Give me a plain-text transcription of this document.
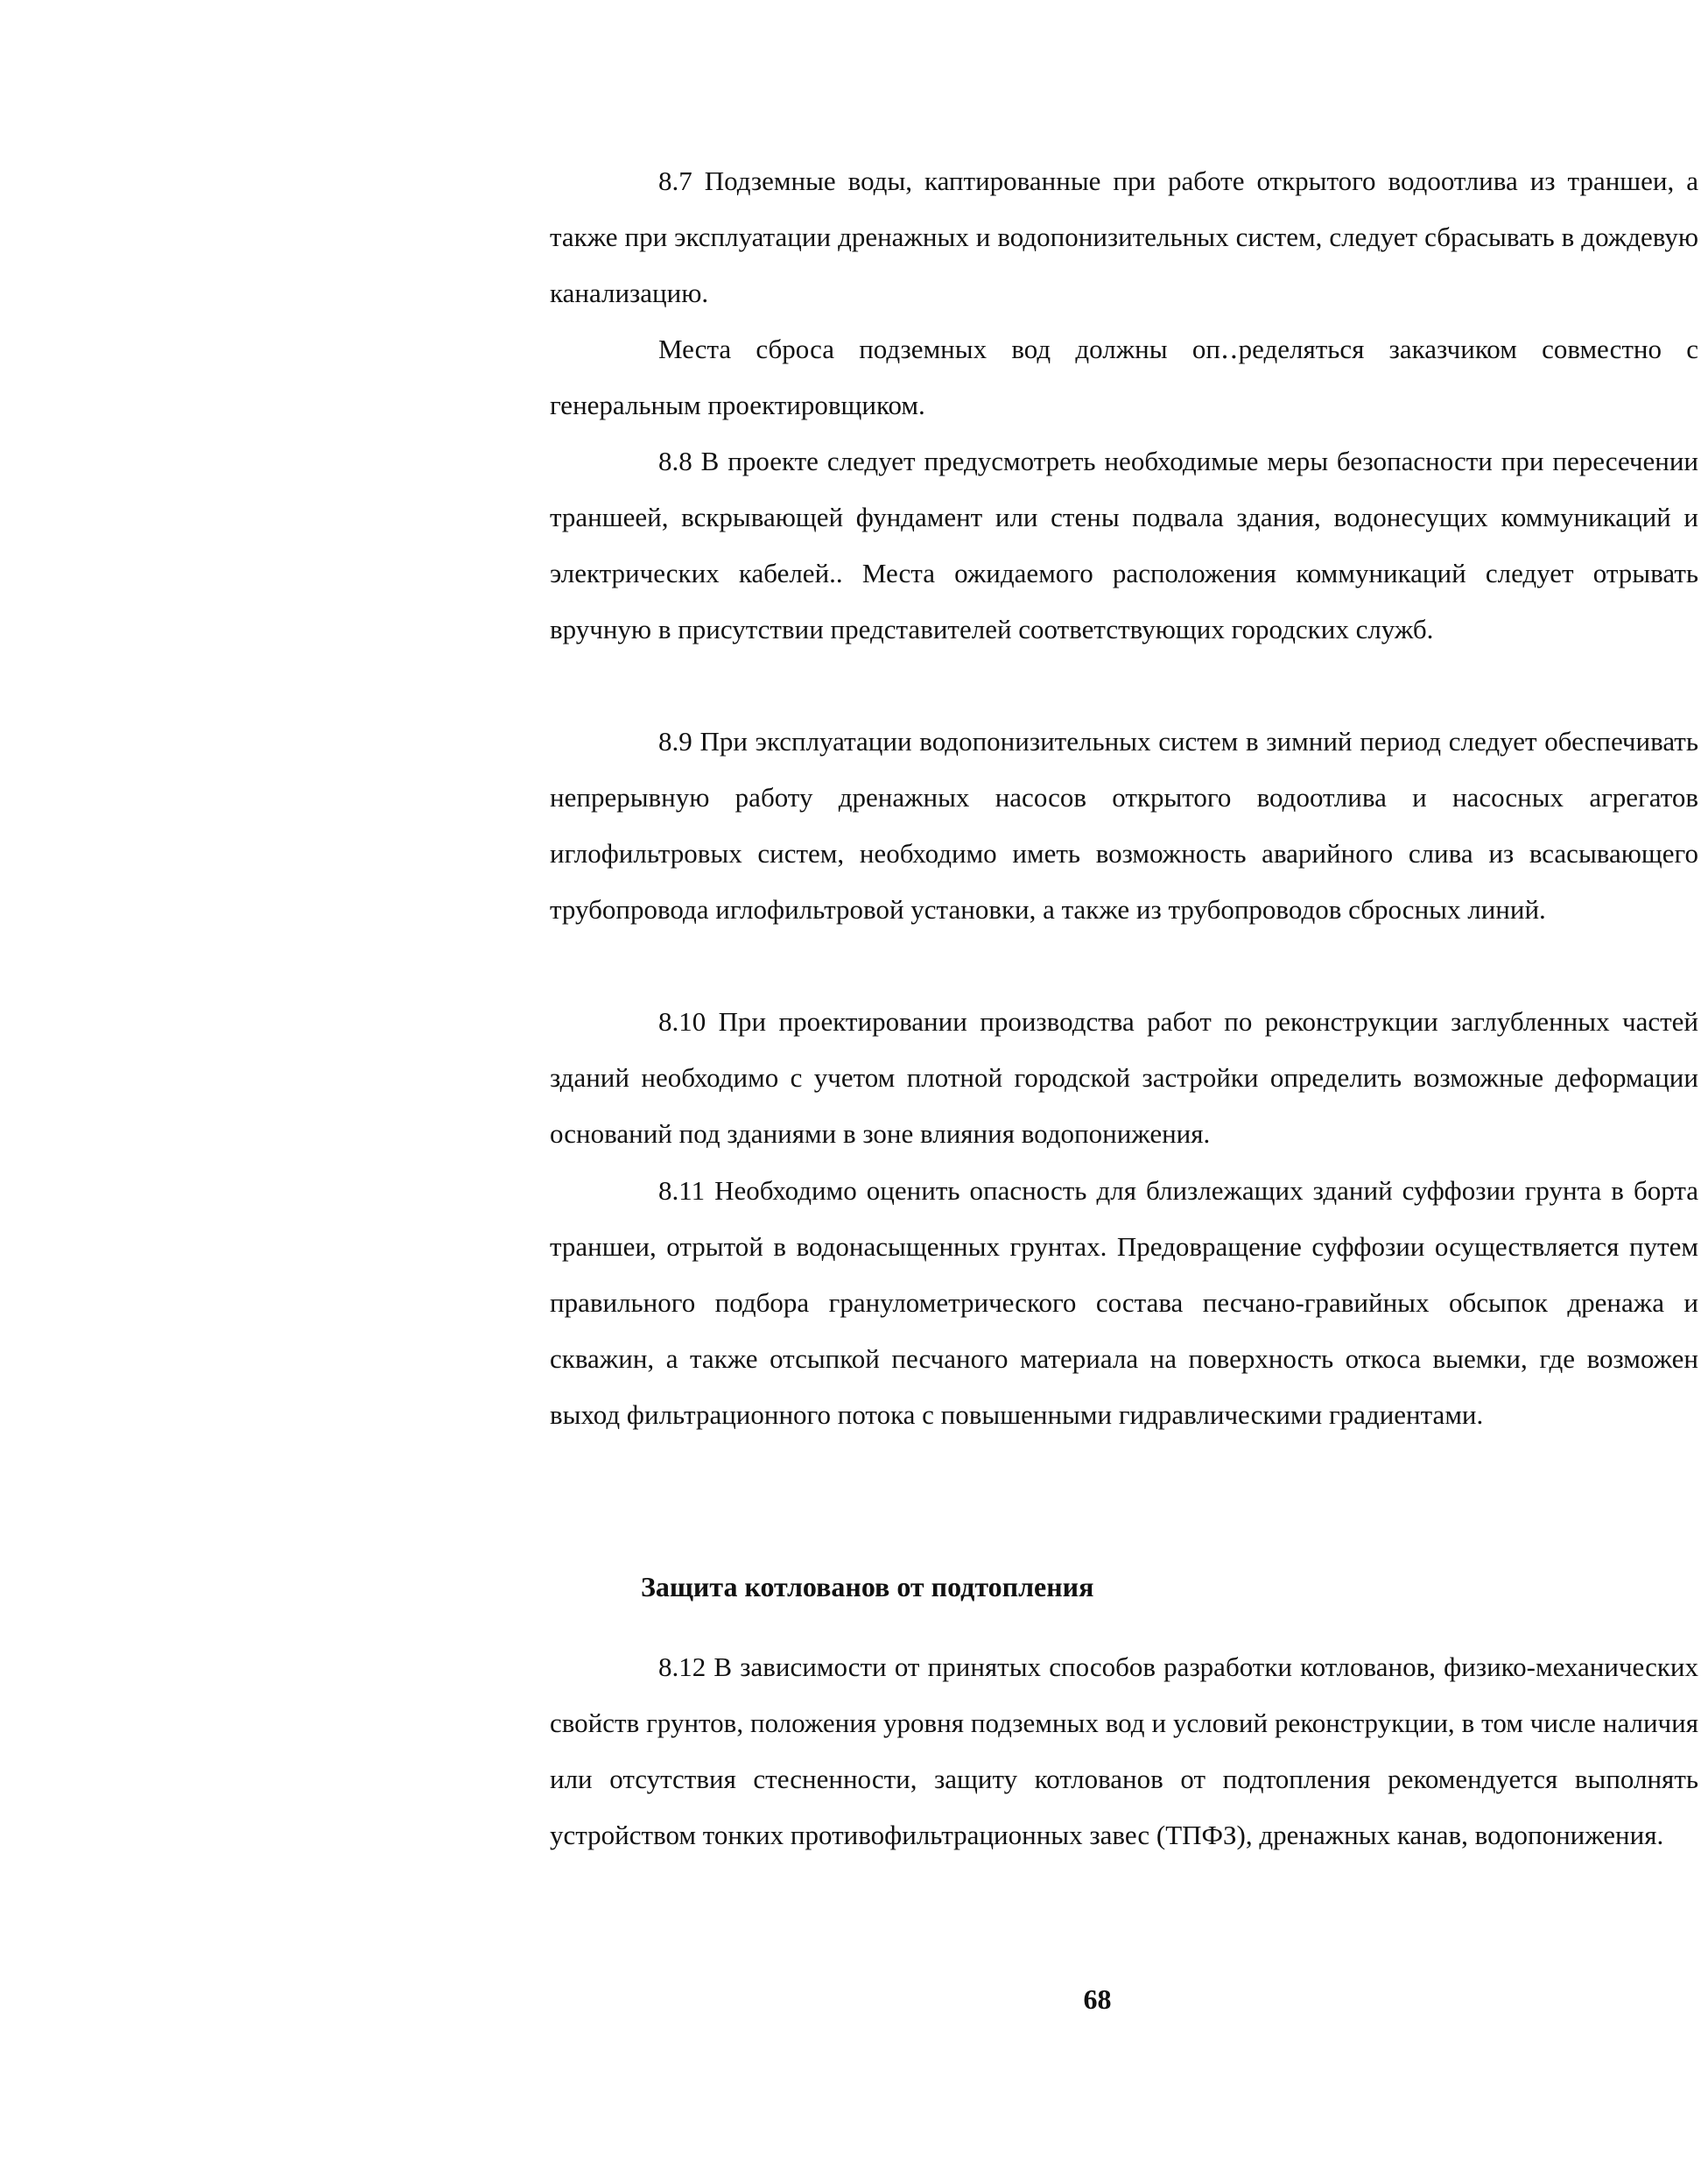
8.7 Подземные воды, каптированные при работе открытого водоотлива из траншеи, а также при эксплуатации дренажных и водопонизительных систем, следует сбрасывать в дождевую канализацию.

Места сброса подземных вод должны оп‥ределяться заказчиком совместно с генеральным проектировщиком.

8.8 В проекте следует предусмотреть необходимые меры безопасности при пересечении траншеей, вскрывающей фундамент или стены подвала здания, водонесущих коммуникаций и электрических кабелей.. Места ожидаемого расположения коммуникаций следует отрывать вручную в присутствии представителей соответствующих городских служб.

8.9 При эксплуатации водопонизительных систем в зимний период следует обеспечивать непрерывную работу дренажных насосов открытого водоотлива и насосных агрегатов иглофильтровых систем, необходимо иметь возможность аварийного слива из всасывающего трубопровода иглофильтровой установки, а также из трубопроводов сбросных линий.

8.10 При проектировании производства работ по реконструкции заглубленных частей зданий необходимо с учетом плотной городской застройки определить возможные деформации оснований под зданиями в зоне влияния водопонижения.

8.11 Необходимо оценить опасность для близлежащих зданий суффозии грунта в борта траншеи, отрытой в водонасыщенных грунтах. Предовращение суффозии осуществляется путем правильного подбора гранулометрического состава песчано-гравийных обсыпок дренажа и скважин, а также отсыпкой песчаного материала на поверхность откоса выемки, где возможен выход фильтрационного потока с повышенными гидравлическими градиентами.

Защита котлованов от подтопления

8.12 В зависимости от принятых способов разработки котлованов, физико-механических свойств грунтов, положения уровня подземных вод и условий реконструкции, в том числе наличия или отсутствия стесненности, защиту котлованов от подтопления рекомендуется выполнять устройством тонких противофильтрационных завес (ТПФЗ), дренажных канав, водопонижения.

68
